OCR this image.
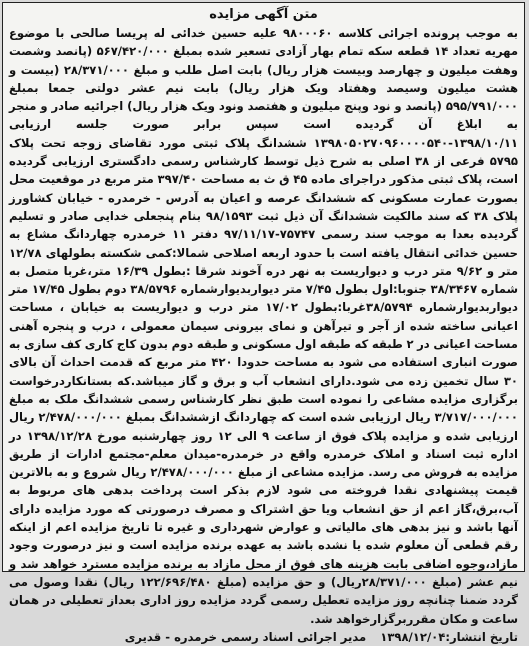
متن آگهی مزایده

به موجب پرونده اجرائی کلاسه ۹۸۰۰۰۶۰ علیه حسین خدائی له پریسا صالحی با موضوع مهریه تعداد ۱۴ قطعه سکه تمام بهار آزادی تسعیر شده بمبلغ ۵۶۷/۴۲۰/۰۰۰ (پانصد وشصت وهفت میلیون و چهارصد وبیست هزار ریال) بابت اصل طلب و مبلغ ۲۸/۳۷۱/۰۰۰ (بیست و هشت میلیون وسیصد وهفتاد ویک هزار ریال) بابت نیم عشر دولتی جمعا بمبلغ ۵۹۵/۷۹۱/۰۰۰ (پانصد و نود وپنج میلیون و هفتصد ونود ویک هزار ریال) اجرائیه صادر و منجر به ابلاغ آن گردیده است سپس برابر صورت جلسه ارزیابی ۱۳۹۸/۱۰/۱۱-۱۳۹۸۰۵۰۲۷۰۹۶۰۰۰۰۵۴۰ ششدانگ پلاک ثبتی مورد تقاضای زوجه تحت پلاک ۵۷۹۵ فرعی از ۳۸ اصلی به شرح ذیل توسط کارشناس رسمی دادگستری ارزیابی گردیده است، پلاک ثبتی مذکور دراجرای ماده ۴۵ ق ث به مساحت ۳۹۷/۴۰ متر مربع در موقعیت محل بصورت عمارت مسکونی که ششدانگ عرصه و اعیان به آدرس - خرمدره - خیابان کشاورز پلاک ۳۸ که سند مالکیت ششدانگ آن ذیل ثبت ۹۸/۱۵۹۳ بنام پنجعلی خدایی صادر و تسلیم گردیده بعدا به موجب سند رسمی ۷۵۷۴۷-۹۷/۱۱/۱۷ دفتر ۱۱ خرمدره چهاردانگ مشاع به حسین خدائی انتقال یافته است با حدود اربعه اصلاحی شمالا:کمی شکسته بطولهای ۱۲/۷۸ متر و ۹/۶۲ متر درب و دیواریست به نهر دره آخوند شرقا :بطول ۱۶/۳۹ متر،غربا متصل به شماره ۳۸/۳۴۶۷ جنوبا:اول بطول ۷/۴۵ متر دیواربدیوارشماره ۳۸/۵۷۹۶ دوم بطول ۱۷/۴۵ متر دیواربدیوارشماره ۳۸/۵۷۹۴غربا:بطول ۱۷/۰۲ متر درب و دیواریست به خیابان ، مساحت اعیانی ساخته شده از آجر و تیرآهن و نمای بیرونی سیمان معمولی ، درب و پنجره آهنی مساحت اعیانی در ۲ طبقه که طبقه اول مسکونی و طبقه دوم بدون کاج کاری کف سازی به صورت انباری استفاده می شود به مساحت حدودا ۴۲۰ متر مربع که قدمت احداث آن بالای ۳۰ سال تخمین زده می شود.دارای انشعاب آب و برق و گاز میباشد.که بستانکاردرخواست برگزاری مزایده مشاعی را نموده است طبق نظر کارشناس رسمی ششدانگ ملک به مبلغ ۳/۷۱۷/۰۰۰/۰۰۰ ریال ارزیابی شده است که چهاردانگ ازششدانگ بمبلغ ۲/۴۷۸/۰۰۰/۰۰۰ ریال ارزیابی شده و مزایده پلاک فوق از ساعت ۹ الی ۱۲ روز چهارشنبه مورخ ۱۳۹۸/۱۲/۲۸ در اداره ثبت اسناد و املاک خرمدره واقع در خرمدره-میدان معلم-مجتمع ادارات از طریق مزایده به فروش می رسد. مزایده مشاعی از مبلغ ۲/۴۷۸/۰۰۰/۰۰۰ ریال شروع و به بالاترین قیمت پیشنهادی نقدا فروخته می شود لازم بذکر است پرداخت بدهی های مربوط به آب،برق،گاز اعم از حق انشعاب ویا حق اشتراک و مصرف درصورتی که مورد مزایده دارای آنها باشد و نیز بدهی های مالیاتی و عوارض شهرداری و غیره تا تاریخ مزایده اعم از اینکه رقم قطعی آن معلوم شده یا نشده باشد به عهده برنده مزایده است و نیز درصورت وجود مازاد،وجوه اضافی بابت هزینه های فوق از محل مازاد به برنده مزایده مسترد خواهد شد و نیم عشر (مبلغ ۲۸/۳۷۱/۰۰۰ریال) و حق مزایده (مبلغ ۱۲۲/۶۹۶/۴۸۰ ریال) نقدا وصول می گردد ضمنا چنانچه روز مزایده تعطیل رسمی گردد مزایده روز اداری بعداز تعطیلی در همان ساعت و مکان مقرربرگزارخواهد شد.

تاریخ انتشار:۱۳۹۸/۱۲/۰۴ مدیر اجرائی اسناد رسمی خرمدره - قدیری
